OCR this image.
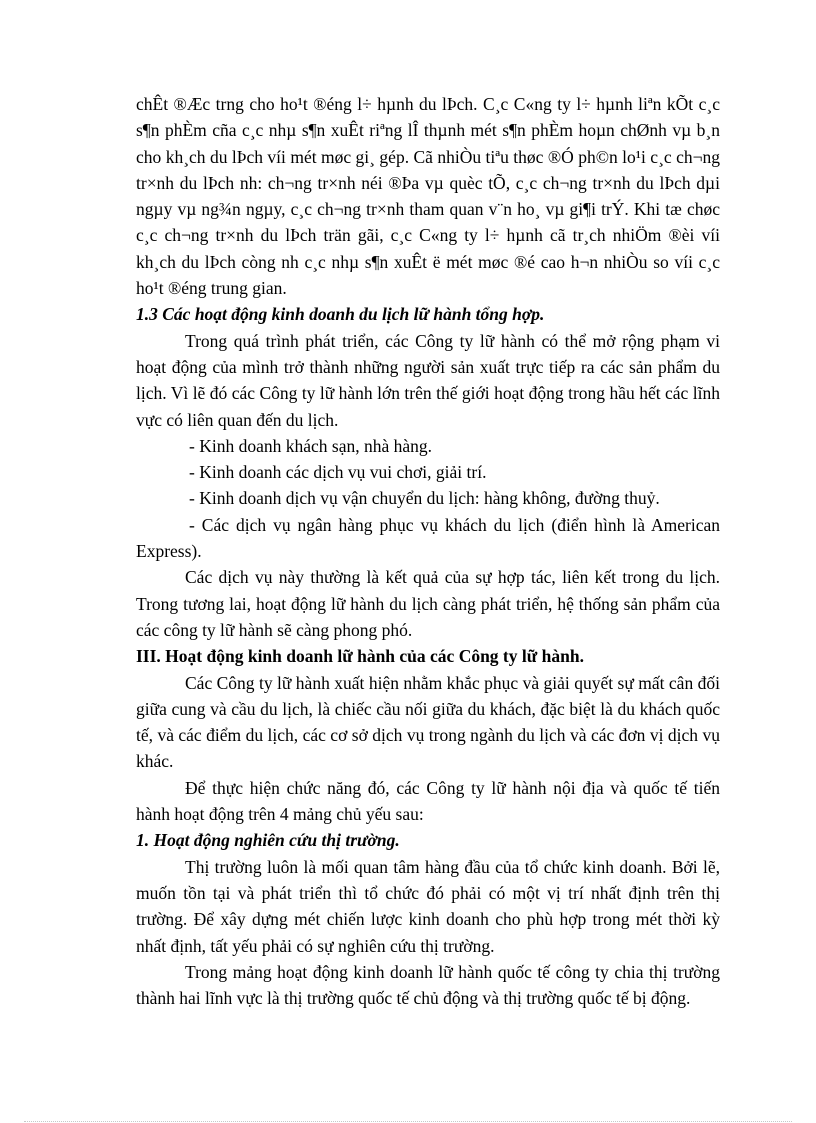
chÊt ®Æc trng cho ho¹t ®éng l÷ hµnh du lÞch. C¸c C«ng ty l÷ hµnh liªn kÕt c¸c s¶n phÈm cña c¸c nhµ s¶n xuÊt riªng lÎ thµnh mét s¶n phÈm hoµn chØnh vµ b¸n cho kh¸ch du lÞch víi mét møc gi¸ gép. Cã nhiÒu tiªu thøc ®Ó ph©n lo¹i c¸c ch¬ng tr×nh du lÞch nh: ch¬ng tr×nh néi ®Þa vµ quèc tÕ, c¸c ch¬ng tr×nh du lÞch dµi ngµy vµ ng¾n ngµy, c¸c ch¬ng tr×nh tham quan v¨n ho¸ vµ gi¶i trÝ. Khi tæ chøc c¸c ch¬ng tr×nh du lÞch trän gãi, c¸c C«ng ty l÷ hµnh cã tr¸ch nhiÖm ®èi víi kh¸ch du lÞch còng nh c¸c nhµ s¶n xuÊt ë mét møc ®é cao h¬n nhiÒu so víi c¸c ho¹t ®éng trung gian.

1.3 Các hoạt động kinh doanh du lịch lữ hành tổng hợp.

Trong quá trình phát triển, các Công ty lữ hành có thể mở rộng phạm vi hoạt động của mình trở thành những người sản xuất trực tiếp ra các sản phẩm du lịch. Vì lẽ đó các Công ty lữ hành lớn trên thế giới hoạt động trong hầu hết các lĩnh vực có liên quan đến du lịch.

- Kinh doanh khách sạn, nhà hàng.

- Kinh doanh các dịch vụ vui chơi, giải trí.

- Kinh doanh dịch vụ vận chuyển du lịch: hàng không, đường thuỷ.

- Các dịch vụ ngân hàng phục vụ khách du lịch (điển hình là American Express).

Các dịch vụ này thường là kết quả của sự hợp tác, liên kết trong du lịch. Trong tương lai, hoạt động lữ hành du lịch càng phát triển, hệ thống sản phẩm của các công ty lữ hành sẽ càng phong phó.

III. Hoạt động kinh doanh lữ hành của các Công ty lữ hành.

Các Công ty lữ hành xuất hiện nhằm khắc phục và giải quyết sự mất cân đối giữa cung và cầu du lịch, là chiếc cầu nối giữa du khách, đặc biệt là du khách quốc tế, và các điểm du lịch, các cơ sở dịch vụ trong ngành du lịch và các đơn vị dịch vụ khác.

Để thực hiện chức năng đó, các Công ty lữ hành nội địa và quốc tế tiến hành hoạt động trên 4 mảng chủ yếu sau:

1. Hoạt động nghiên cứu thị trường.

Thị trường luôn là mối quan tâm hàng đầu của tổ chức kinh doanh. Bởi lẽ, muốn tồn tại và phát triển thì tổ chức đó phải có một vị trí nhất định trên thị trường. Để xây dựng mét chiến lược kinh doanh cho phù hợp trong mét thời kỳ nhất định, tất yếu phải có sự nghiên cứu thị trường.

Trong mảng hoạt động kinh doanh lữ hành quốc tế công ty chia thị trường thành hai lĩnh vực là thị trường quốc tế chủ động và thị trường quốc tế bị động.
